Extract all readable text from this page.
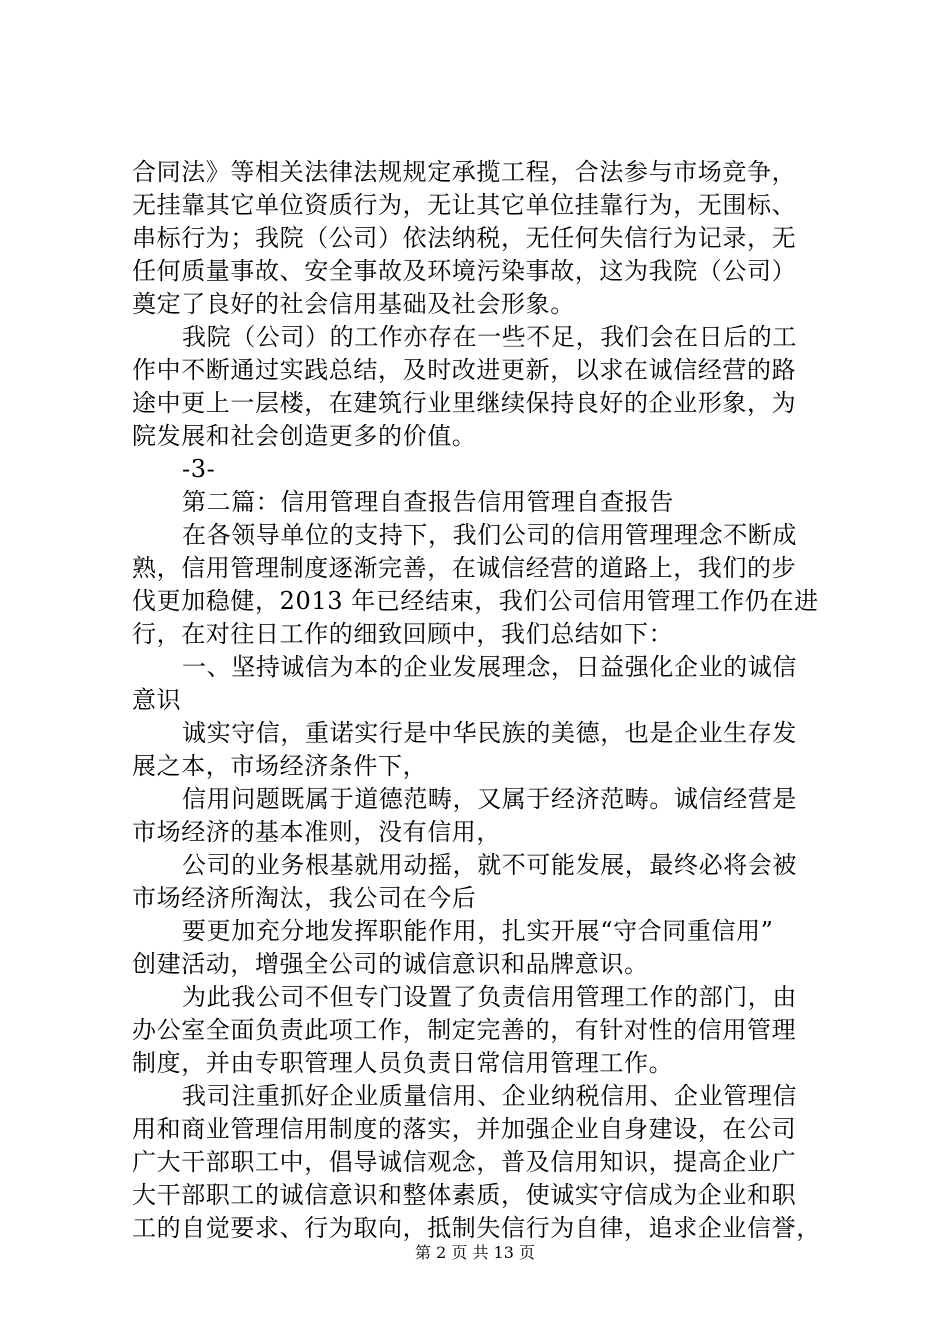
合同法》等相关法律法规规定承揽工程，合法参与市场竞争，
无挂靠其它单位资质行为，无让其它单位挂靠行为，无围标、
串标行为；我院（公司）依法纳税，无任何失信行为记录，无
任何质量事故、安全事故及环境污染事故，这为我院（公司）
奠定了良好的社会信用基础及社会形象。
我院（公司）的工作亦存在一些不足，我们会在日后的工
作中不断通过实践总结，及时改进更新，以求在诚信经营的路
途中更上一层楼，在建筑行业里继续保持良好的企业形象，为
院发展和社会创造更多的价值。
-3-
第二篇：信用管理自查报告信用管理自查报告
在各领导单位的支持下，我们公司的信用管理理念不断成
熟，信用管理制度逐渐完善，在诚信经营的道路上，我们的步
伐更加稳健，2013 年已经结束，我们公司信用管理工作仍在进
行，在对往日工作的细致回顾中，我们总结如下：
一、坚持诚信为本的企业发展理念，日益强化企业的诚信
意识
诚实守信，重诺实行是中华民族的美德，也是企业生存发
展之本，市场经济条件下，
信用问题既属于道德范畴，又属于经济范畴。诚信经营是
市场经济的基本准则，没有信用，
公司的业务根基就用动摇，就不可能发展，最终必将会被
市场经济所淘汰，我公司在今后
要更加充分地发挥职能作用，扎实开展“守合同重信用”
创建活动，增强全公司的诚信意识和品牌意识。
为此我公司不但专门设置了负责信用管理工作的部门，由
办公室全面负责此项工作，制定完善的，有针对性的信用管理
制度，并由专职管理人员负责日常信用管理工作。
我司注重抓好企业质量信用、企业纳税信用、企业管理信
用和商业管理信用制度的落实，并加强企业自身建设，在公司
广大干部职工中，倡导诚信观念，普及信用知识，提高企业广
大干部职工的诚信意识和整体素质，使诚实守信成为企业和职
工的自觉要求、行为取向，抵制失信行为自律，追求企业信誉，
第 2 页 共 13 页
